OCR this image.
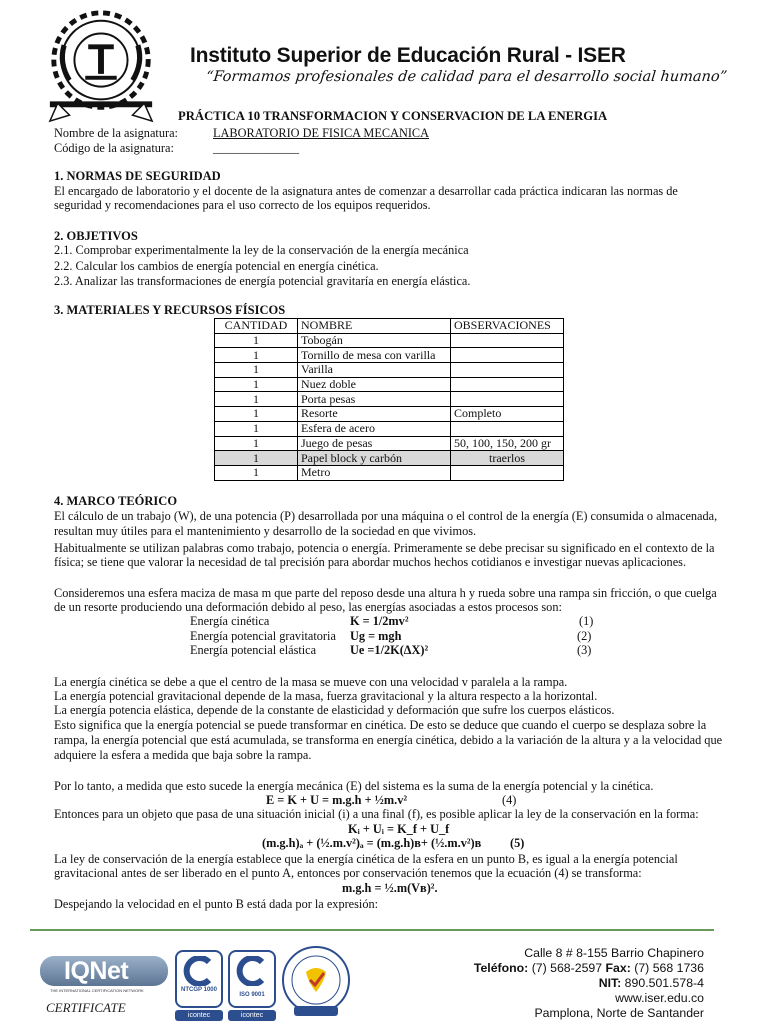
Instituto Superior de Educación Rural - ISER
“Formamos profesionales de calidad para el desarrollo social humano”
PRÁCTICA 10 TRANSFORMACION Y CONSERVACION DE LA ENERGIA
Nombre de la asignatura:	LABORATORIO DE FISICA MECANICA
Código de la asignatura:	______________
1. NORMAS DE SEGURIDAD
El encargado de laboratorio y el docente de la asignatura antes de comenzar a desarrollar cada práctica indicaran las normas de
seguridad y recomendaciones para el uso correcto de los equipos requeridos.
2. OBJETIVOS
2.1. Comprobar experimentalmente la ley de la conservación de la energía mecánica
2.2. Calcular los cambios de energía potencial en energía cinética.
2.3. Analizar las transformaciones de energía potencial gravitaría en energía elástica.
3. MATERIALES Y RECURSOS FÍSICOS
CANTIDAD	NOMBRE	OBSERVACIONES
1	Tobogán	
1	Tornillo de mesa con varilla	
1	Varilla	
1	Nuez doble	
1	Porta pesas	
1	Resorte	Completo
1	Esfera de acero	
1	Juego de pesas	50, 100, 150, 200 gr
1	Papel block y carbón	traerlos
1	Metro	
4. MARCO TEÓRICO
El cálculo de un trabajo (W), de una potencia (P) desarrollada por una máquina o el control de la energía (E) consumida o almacenada,
resultan muy útiles para el mantenimiento y desarrollo de la sociedad en que vivimos.
Habitualmente se utilizan palabras como trabajo, potencia o energía. Primeramente se debe precisar su significado en el contexto de la
física; se tiene que valorar la necesidad de tal precisión para abordar muchos hechos cotidianos e investigar nuevas aplicaciones.
Consideremos una esfera maciza de masa m que parte del reposo desde una altura h y rueda sobre una rampa sin fricción, o que cuelga
de un resorte produciendo una deformación debido al peso, las energías asociadas a estos procesos son:
Energía cinética	K = 1/2mv²	(1)
Energía potencial gravitatoria Ug = mgh	(2)
Energía potencial elástica	Ue =1/2K(ΔX)²	(3)
La energía cinética se debe a que el centro de la masa se mueve con una velocidad v paralela a la rampa.
La energía potencial gravitacional depende de la masa, fuerza gravitacional y la altura respecto a la horizontal.
La energía potencia elástica, depende de la constante de elasticidad y deformación que sufre los cuerpos elásticos.
Esto significa que la energía potencial se puede transformar en cinética. De esto se deduce que cuando el cuerpo se desplaza sobre la
rampa, la energía potencial que está acumulada, se transforma en energía cinética, debido a la variación de la altura y a la velocidad que
adquiere la esfera a medida que baja sobre la rampa.
Por lo tanto, a medida que esto sucede la energía mecánica (E) del sistema es la suma de la energía potencial y la cinética.
E = K + U = m.g.h + ½m.v²	(4)
Entonces para un objeto que pasa de una situación inicial (i) a una final (f), es posible aplicar la ley de la conservación en la forma:
Kᵢ + Uᵢ = K_f + U_f
(m.g.h)ₐ + (½.m.v²)ₐ = (m.g.h)ʙ+ (½.m.v²)ʙ (5)
La ley de conservación de la energía establece que la energía cinética de la esfera en un punto B, es igual a la energía potencial
gravitacional antes de ser liberado en el punto A, entonces por conservación tenemos que la ecuación (4) se transforma:
m.g.h = ½.m(Vʙ)².
Despejando la velocidad en el punto B está dada por la expresión:
IQNet
THE INTERNATIONAL CERTIFICATION NETWORK
CERTIFICATE
NTCGP 1000
icontec
ISO 9001
icontec
Calle 8 # 8-155 Barrio Chapinero
Teléfono: (7) 568-2597 Fax: (7) 568 1736
NIT: 890.501.578-4
www.iser.edu.co
Pamplona, Norte de Santander
